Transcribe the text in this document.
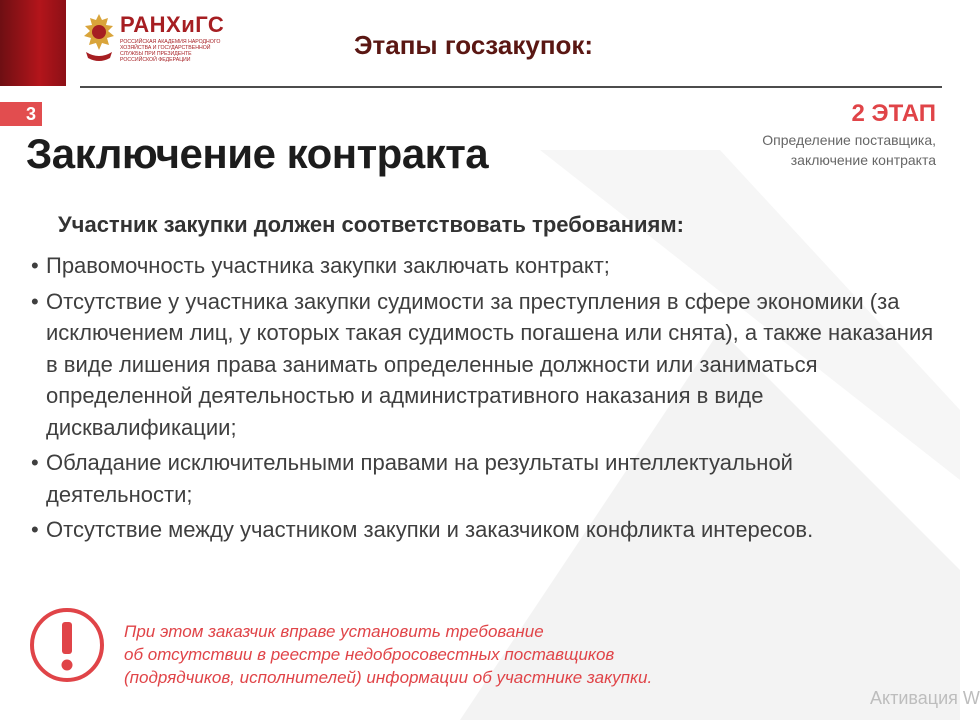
РАНХиГС
РОССИЙСКАЯ АКАДЕМИЯ НАРОДНОГО ХОЗЯЙСТВА И ГОСУДАРСТВЕННОЙ СЛУЖБЫ ПРИ ПРЕЗИДЕНТЕ РОССИЙСКОЙ ФЕДЕРАЦИИ	Этапы госзакупок:
3	2 ЭТАП
Определение поставщика,
заключение контракта
Заключение контракта
Участник закупки должен соответствовать требованиям:
• Правомочность участника закупки заключать контракт;
• Отсутствие у участника закупки судимости за преступления в сфере экономики (за исключением лиц, у которых такая судимость погашена или снята), а также наказания в виде лишения права занимать определенные должности или заниматься определенной деятельностью и административного наказания в виде дисквалификации;
• Обладание исключительными правами на результаты интеллектуальной деятельности;
• Отсутствие между участником закупки и заказчиком конфликта интересов.

При этом заказчик вправе установить требование
об отсутствии в реестре недобросовестных поставщиков
(подрядчиков, исполнителей) информации об участнике закупки.

Активация W
